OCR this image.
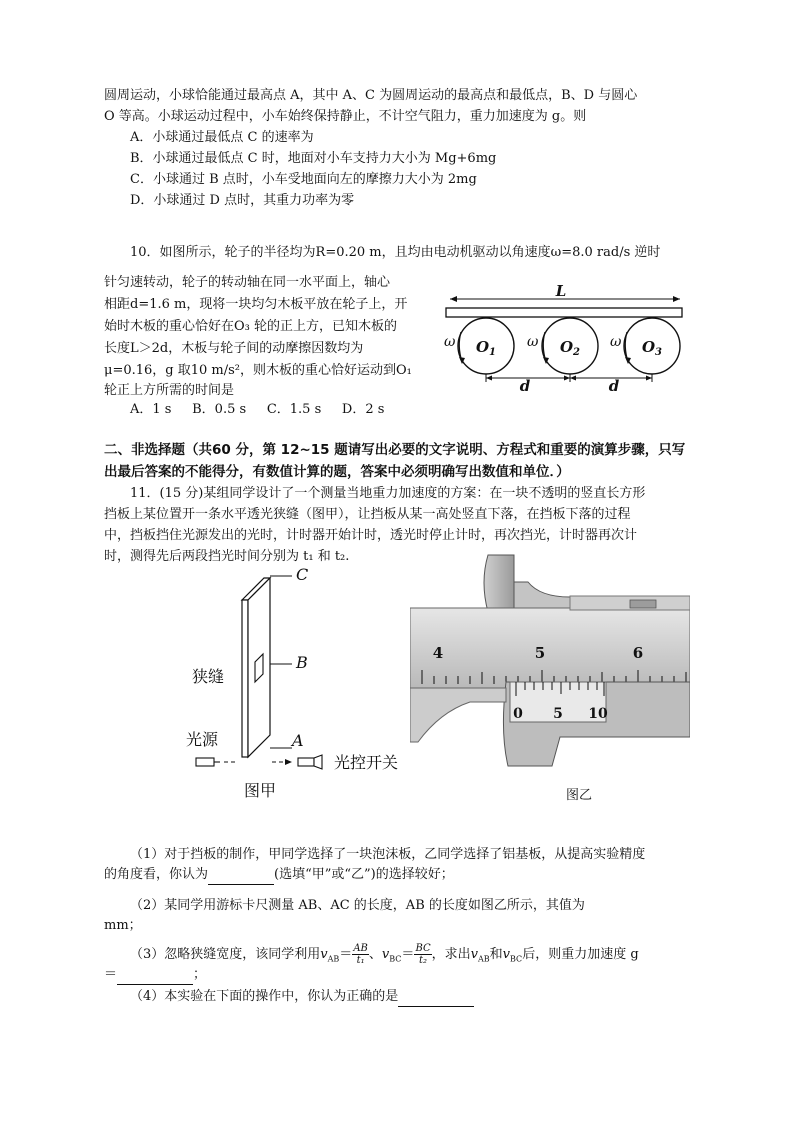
圆周运动，小球恰能通过最高点 A，其中 A、C 为圆周运动的最高点和最低点，B、D 与圆心
O 等高。小球运动过程中，小车始终保持静止，不计空气阻力，重力加速度为 g。则
A．小球通过最低点 C 的速率为
B．小球通过最低点 C 时，地面对小车支持力大小为 Mg+6mg
C．小球通过 B 点时，小车受地面向左的摩擦力大小为 2mg
D．小球通过 D 点时，其重力功率为零
10．如图所示，轮子的半径均为R=0.20 m，且均由电动机驱动以角速度ω=8.0 rad/s 逆时
针匀速转动，轮子的转动轴在同一水平面上，轴心
相距d=1.6 m，现将一块均匀木板平放在轮子上，开
始时木板的重心恰好在O₃ 轮的正上方，已知木板的
长度L＞2d，木板与轮子间的动摩擦因数均为
μ=0.16，g 取10 m/s²，则木板的重心恰好运动到O₁
轮正上方所需的时间是
A．1 s     B．0.5 s     C．1.5 s     D．2 s
L
$O_1$	$O_2$	$O_3$
ω	ω	ω
d	d
二、非选择题（共60 分，第 12~15 题请写出必要的文字说明、方程式和重要的演算步骤，只写
出最后答案的不能得分，有数值计算的题，答案中必须明确写出数值和单位．）
11．(15 分)某组同学设计了一个测量当地重力加速度的方案：在一块不透明的竖直长方形
挡板上某位置开一条水平透光狭缝（图甲），让挡板从某一高处竖直下落，在挡板下落的过程
中，挡板挡住光源发出的光时，计时器开始计时，透光时停止计时，再次挡光，计时器再次计
时，测得先后两段挡光时间分别为 t₁ 和 t₂.
C
B
A
狭缝
光源
光控开关
图甲
4	5	6
0 5 10
图乙
（1）对于挡板的制作，甲同学选择了一块泡沫板，乙同学选择了铝基板，从提高实验精度
的角度看，你认为	(选填“甲”或“乙”)的选择较好；
（2）某同学用游标卡尺测量 AB、AC 的长度，AB 的长度如图乙所示，其值为
mm；
（3）忽略狭缝宽度，该同学利用$v_{AB}= \frac{AB}{\text{t₁}}$ 、$v_{BC}= \frac{BC}{\text{t₂}}$ ，求出$v_{AB}$和$v_{BC}$后，则重力加速度 g
＝	；
（4）本实验在下面的操作中，你认为正确的是
